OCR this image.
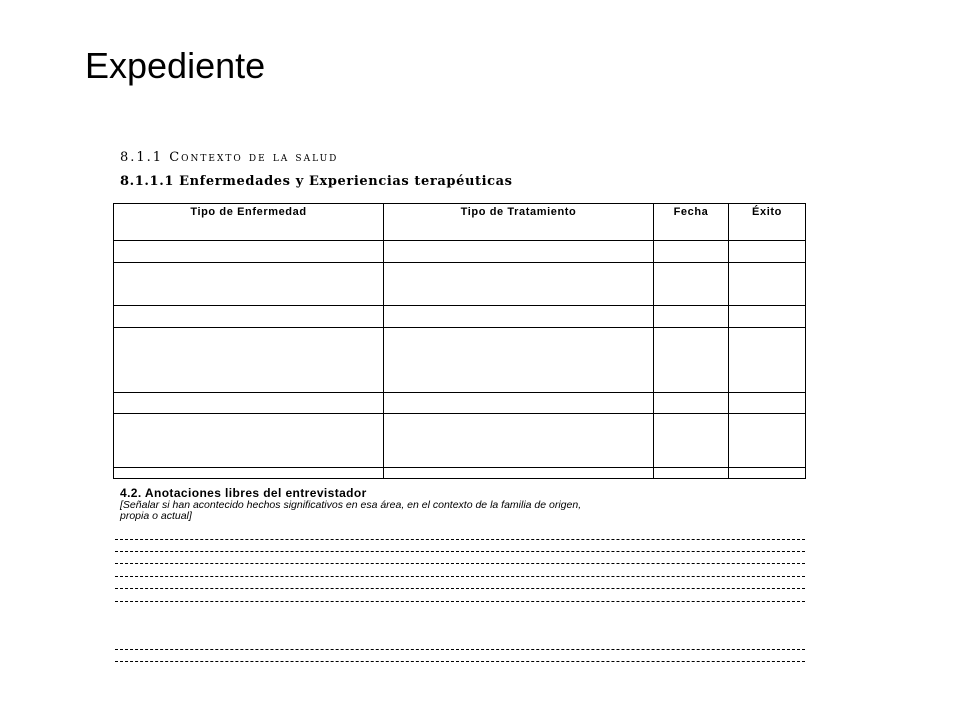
Expediente
8.1.1 Contexto de la salud
8.1.1.1 Enfermedades y Experiencias terapéuticas
Tipo de Enfermedad	Tipo de Tratamiento	Fecha	Éxito

4.2. Anotaciones libres del entrevistador
[Señalar si han acontecido hechos significativos en esa área, en el contexto de la familia de origen,
propia o actual]
